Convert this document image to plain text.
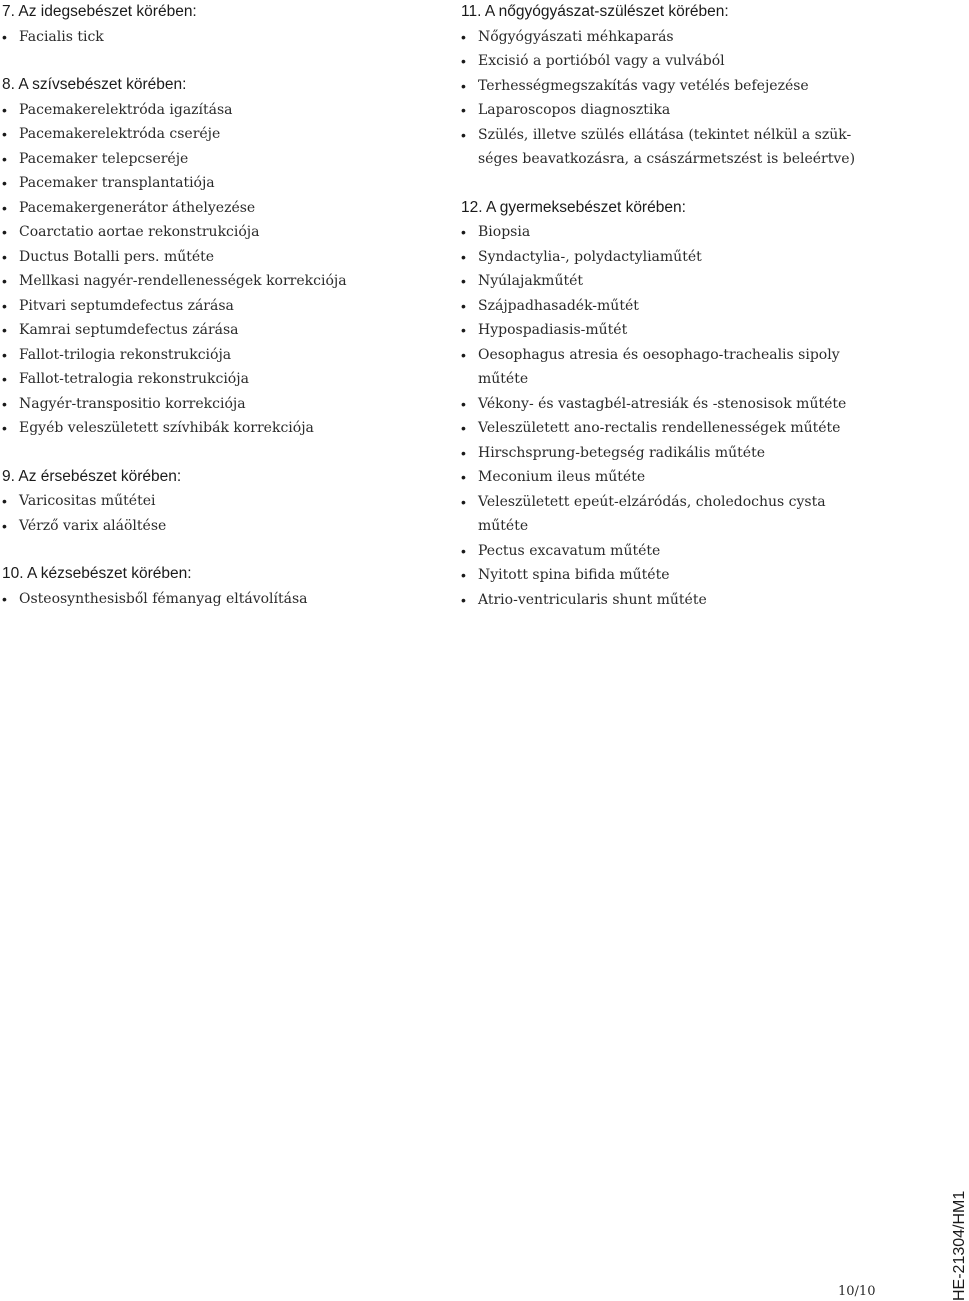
7. Az idegsebészet körében:
• Facialis tick
8. A szívsebészet körében:
• Pacemakerelektróda igazítása
• Pacemakerelektróda cseréje
• Pacemaker telepcseréje
• Pacemaker transplantatiója
• Pacemakergenerátor áthelyezése
• Coarctatio aortae rekonstrukciója
• Ductus Botalli pers. műtéte
• Mellkasi nagyér-rendellenességek korrekciója
• Pitvari septumdefectus zárása
• Kamrai septumdefectus zárása
• Fallot-trilogia rekonstrukciója
• Fallot-tetralogia rekonstrukciója
• Nagyér-transpositio korrekciója
• Egyéb veleszületett szívhibák korrekciója
9. Az érsebészet körében:
• Varicositas műtétei
• Vérző varix aláöltése
10. A kézsebészet körében:
• Osteosynthesisből fémanyag eltávolítása
11. A nőgyógyászat-szülészet körében:
• Nőgyógyászati méhkaparás
• Excisió a portióból vagy a vulvából
• Terhességmegszakítás vagy vetélés befejezése
• Laparoscopos diagnosztika
• Szülés, illetve szülés ellátása (tekintet nélkül a szük-séges beavatkozásra, a császármetszést is beleértve)
12. A gyermeksebészet körében:
• Biopsia
• Syndactylia-, polydactyliaműtét
• Nyúlajakműtét
• Szájpadhasadék-műtét
• Hypospadiasis-műtét
• Oesophagus atresia és oesophago-trachealis sipoly műtéte
• Vékony- és vastagbél-atresiák és -stenosisok műtéte
• Veleszületett ano-rectalis rendellenességek műtéte
• Hirschsprung-betegség radikális műtéte
• Meconium ileus műtéte
• Veleszületett epeút-elzáródás, choledochus cysta műtéte
• Pectus excavatum műtéte
• Nyitott spina bifida műtéte
• Atrio-ventricularis shunt műtéte
10/10	HE-21304/HM1
